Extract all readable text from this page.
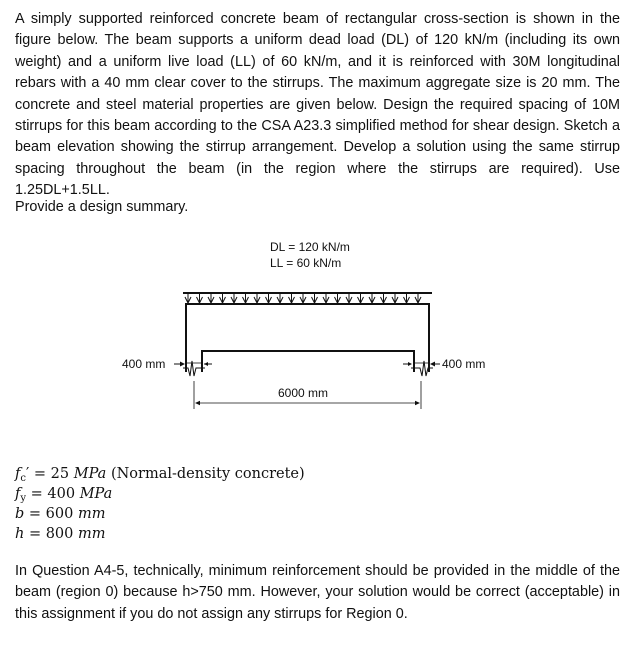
A simply supported reinforced concrete beam of rectangular cross-section is shown in the figure below. The beam supports a uniform dead load (DL) of 120 kN/m (including its own weight) and a uniform live load (LL) of 60 kN/m, and it is reinforced with 30M longitudinal rebars with a 40 mm clear cover to the stirrups. The maximum aggregate size is 20 mm. The concrete and steel material properties are given below. Design the required spacing of 10M stirrups for this beam according to the CSA A23.3 simplified method for shear design. Sketch a beam elevation showing the stirrup arrangement. Develop a solution using the same stirrup spacing throughout the beam (in the region where the stirrups are required). Use 1.25DL+1.5LL.
Provide a design summary.
DL = 120 kN/m
LL = 60 kN/m
400 mm	400 mm
6000 mm
$f_c' = 25$ MPa (Normal-density concrete)
$f_y = 400$ MPa
b = 600 mm
h = 800 mm
In Question A4-5, technically, minimum reinforcement should be provided in the middle of the beam (region 0) because h>750 mm. However, your solution would be correct (acceptable) in this assignment if you do not assign any stirrups for Region 0.
